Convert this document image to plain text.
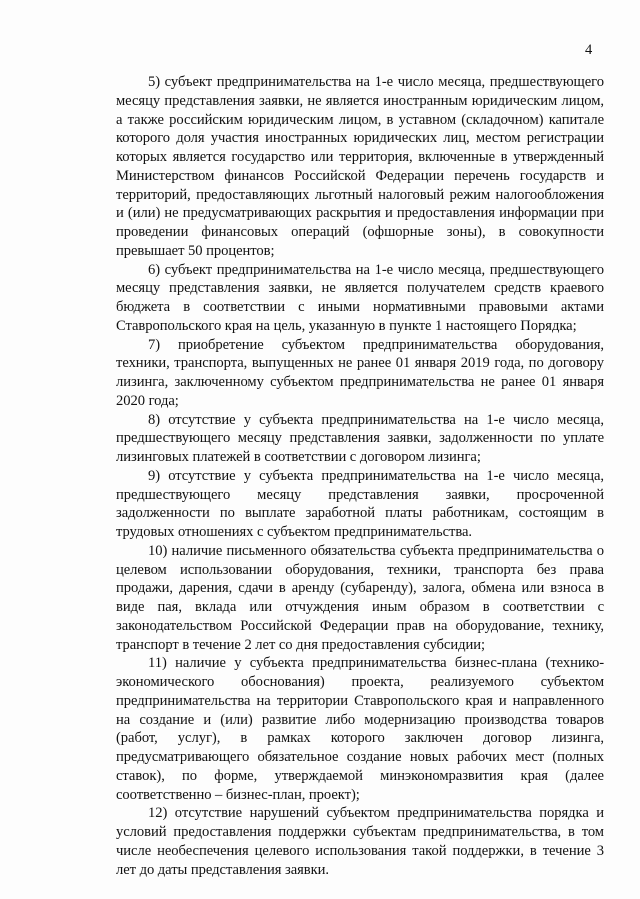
4

5) субъект предпринимательства на 1-е число месяца, предшествующего месяцу представления заявки, не является иностранным юридическим лицом, а также российским юридическим лицом, в уставном (складочном) капитале которого доля участия иностранных юридических лиц, местом регистрации которых является государство или территория, включенные в утвержденный Министерством финансов Российской Федерации перечень государств и территорий, предоставляющих льготный налоговый режим налогообложения и (или) не предусматривающих раскрытия и предоставления информации при проведении финансовых операций (офшорные зоны), в совокупности превышает 50 процентов;

6) субъект предпринимательства на 1-е число месяца, предшествующего месяцу представления заявки, не является получателем средств краевого бюджета в соответствии с иными нормативными правовыми актами Ставропольского края на цель, указанную в пункте 1 настоящего Порядка;

7) приобретение субъектом предпринимательства оборудования, техники, транспорта, выпущенных не ранее 01 января 2019 года, по договору лизинга, заключенному субъектом предпринимательства не ранее 01 января 2020 года;

8) отсутствие у субъекта предпринимательства на 1-е число месяца, предшествующего месяцу представления заявки, задолженности по уплате лизинговых платежей в соответствии с договором лизинга;

9) отсутствие у субъекта предпринимательства на 1-е число месяца, предшествующего месяцу представления заявки, просроченной задолженности по выплате заработной платы работникам, состоящим в трудовых отношениях с субъектом предпринимательства.

10) наличие письменного обязательства субъекта предпринимательства о целевом использовании оборудования, техники, транспорта без права продажи, дарения, сдачи в аренду (субаренду), залога, обмена или взноса в виде пая, вклада или отчуждения иным образом в соответствии с законодательством Российской Федерации прав на оборудование, технику, транспорт в течение 2 лет со дня предоставления субсидии;

11) наличие у субъекта предпринимательства бизнес-плана (технико-экономического обоснования) проекта, реализуемого субъектом предпринимательства на территории Ставропольского края и направленного на создание и (или) развитие либо модернизацию производства товаров (работ, услуг), в рамках которого заключен договор лизинга, предусматривающего обязательное создание новых рабочих мест (полных ставок), по форме, утверждаемой минэкономразвития края (далее соответственно – бизнес-план, проект);

12) отсутствие нарушений субъектом предпринимательства порядка и условий предоставления поддержки субъектам предпринимательства, в том числе необеспечения целевого использования такой поддержки, в течение 3 лет до даты представления заявки.
